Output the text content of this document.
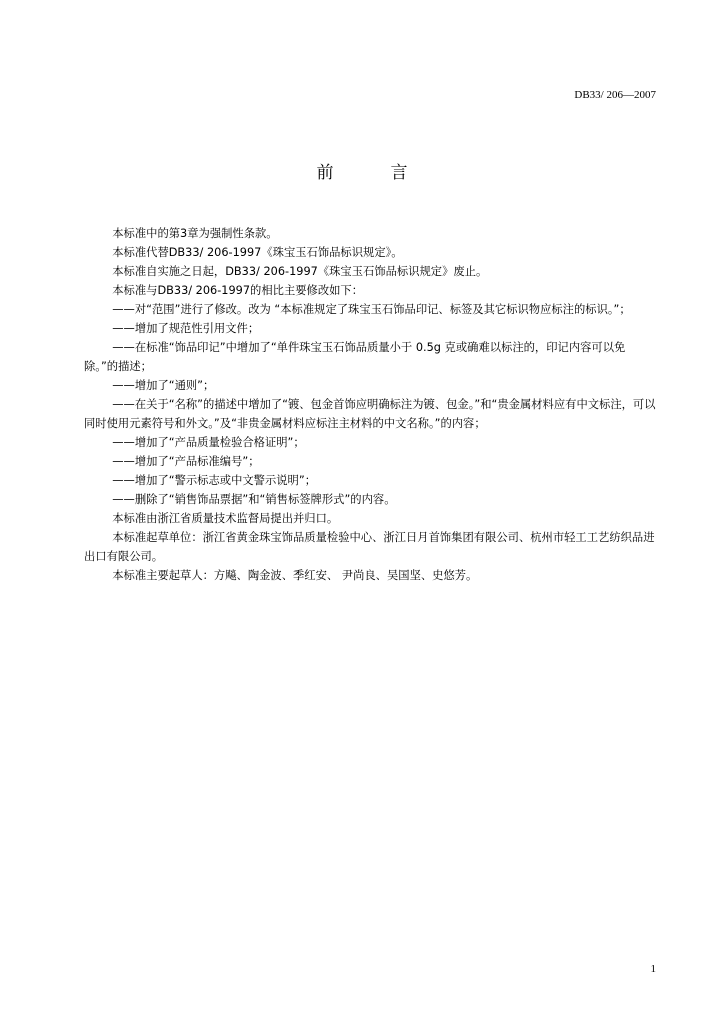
DB33/ 206—2007
前　言

本标准中的第3章为强制性条款。

本标准代替DB33/ 206-1997《珠宝玉石饰品标识规定》。

本标准自实施之日起，DB33/ 206-1997《珠宝玉石饰品标识规定》废止。

本标准与DB33/ 206-1997的相比主要修改如下：

——对“范围”进行了修改。改为 “本标准规定了珠宝玉石饰品印记、标签及其它标识物应标注的标识。”；

——增加了规范性引用文件；

——在标准“饰品印记”中增加了“单件珠宝玉石饰品质量小于 0.5g 克或确难以标注的，印记内容可以免除。”的描述；

——增加了“通则”；

——在关于“名称”的描述中增加了“镀、包金首饰应明确标注为镀、包金。”和“贵金属材料应有中文标注，可以同时使用元素符号和外文。”及“非贵金属材料应标注主材料的中文名称。”的内容；

——增加了“产品质量检验合格证明”；

——增加了“产品标准编号”；

——增加了“警示标志或中文警示说明”；

——删除了“销售饰品票据”和“销售标签牌形式”的内容。

本标准由浙江省质量技术监督局提出并归口。

本标准起草单位：浙江省黄金珠宝饰品质量检验中心、浙江日月首饰集团有限公司、杭州市轻工工艺纺织品进出口有限公司。

本标准主要起草人：方飚、陶金波、季红安、 尹尚良、吴国坚、史悠芳。

1
